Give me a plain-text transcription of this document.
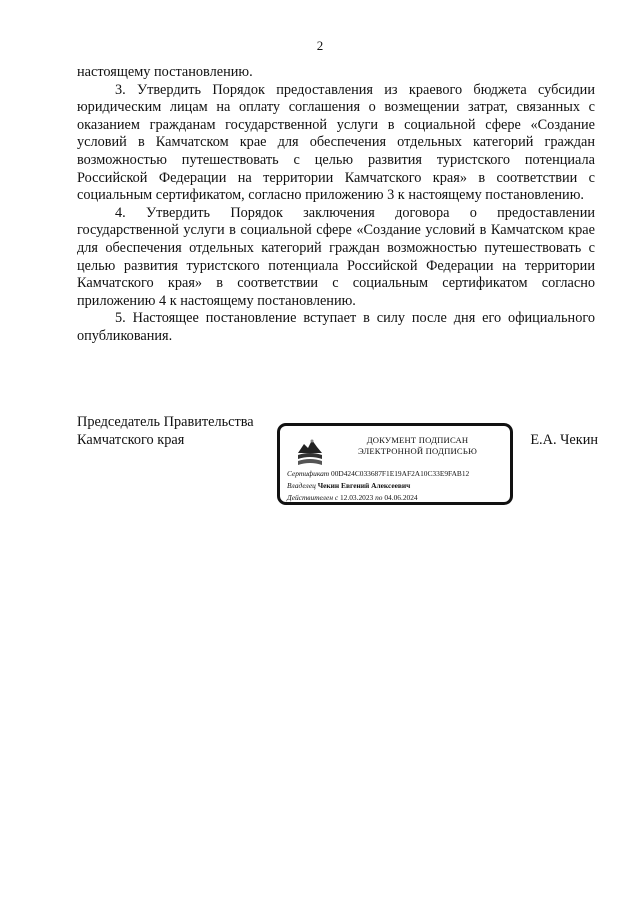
2

настоящему постановлению.

3. Утвердить Порядок предоставления из краевого бюджета субсидии юридическим лицам на оплату соглашения о возмещении затрат, связанных с оказанием гражданам государственной услуги в социальной сфере «Создание условий в Камчатском крае для обеспечения отдельных категорий граждан возможностью путешествовать с целью развития туристского потенциала Российской Федерации на территории Камчатского края» в соответствии с социальным сертификатом, согласно приложению 3 к настоящему постановлению.

4. Утвердить Порядок заключения договора о предоставлении государственной услуги в социальной сфере «Создание условий в Камчатском крае для обеспечения отдельных категорий граждан возможностью путешествовать с целью развития туристского потенциала Российской Федерации на территории Камчатского края» в соответствии с социальным сертификатом согласно приложению 4 к настоящему постановлению.

5. Настоящее постановление вступает в силу после дня его официального опубликования.

Председатель Правительства
Камчатского края	ДОКУМЕНТ ПОДПИСАН
ЭЛЕКТРОННОЙ ПОДПИСЬЮ
Сертификат 00D424C033687F1E19AF2A10C33E9FAB12
Владелец Чекин Евгений Алексеевич
Действителен с 12.03.2023 по 04.06.2024
Е.А. Чекин
